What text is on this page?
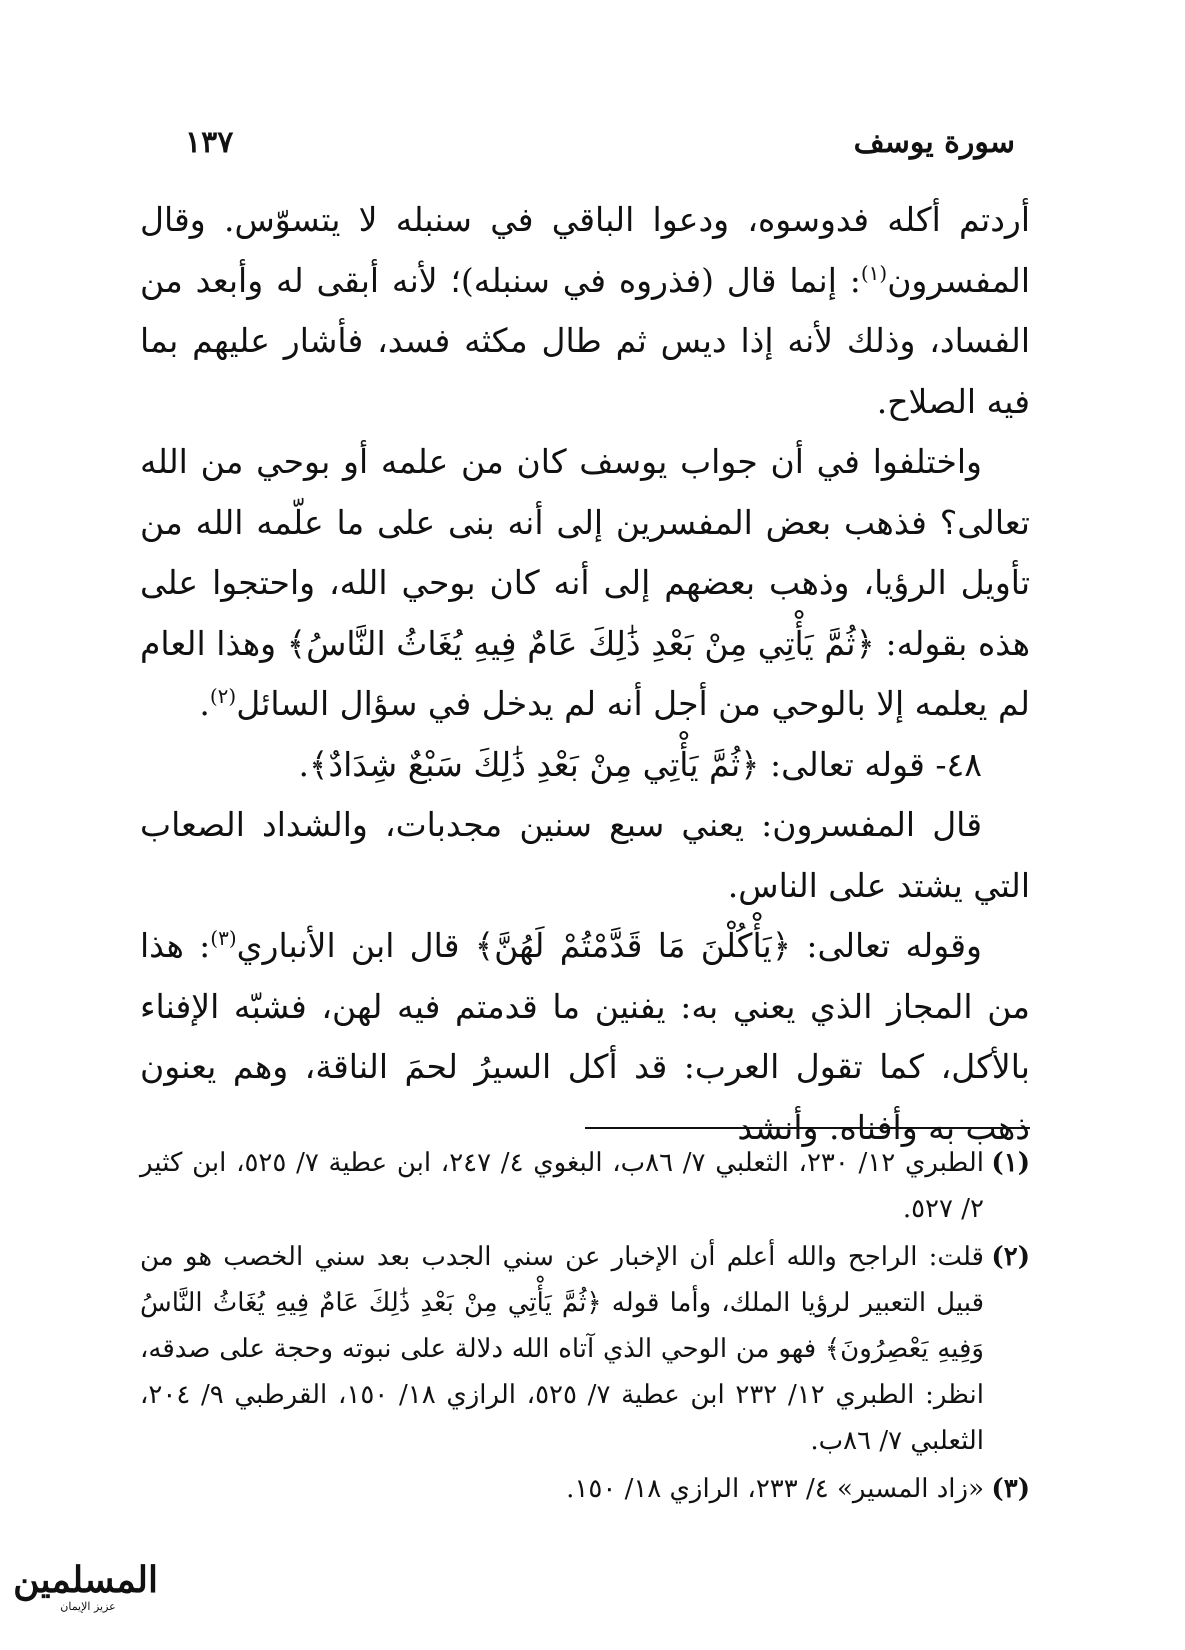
سورة يوسف
١٣٧

أردتم أكله فدوسوه، ودعوا الباقي في سنبله لا يتسوّس. وقال المفسرون$^{(١)}$: إنما قال (فذروه في سنبله)؛ لأنه أبقى له وأبعد من الفساد، وذلك لأنه إذا ديس ثم طال مكثه فسد، فأشار عليهم بما فيه الصلاح.

واختلفوا في أن جواب يوسف كان من علمه أو بوحي من الله تعالى؟ فذهب بعض المفسرين إلى أنه بنى على ما علّمه الله من تأويل الرؤيا، وذهب بعضهم إلى أنه كان بوحي الله، واحتجوا على هذه بقوله: ﴿ثُمَّ يَأْتِي مِنْ بَعْدِ ذَٰلِكَ عَامٌ فِيهِ يُغَاثُ النَّاسُ﴾ وهذا العام لم يعلمه إلا بالوحي من أجل أنه لم يدخل في سؤال السائل$^{(٢)}$.

٤٨- قوله تعالى: ﴿ثُمَّ يَأْتِي مِنْ بَعْدِ ذَٰلِكَ سَبْعٌ شِدَادٌ﴾.

قال المفسرون: يعني سبع سنين مجدبات، والشداد الصعاب التي يشتد على الناس.

وقوله تعالى: ﴿يَأْكُلْنَ مَا قَدَّمْتُمْ لَهُنَّ﴾ قال ابن الأنباري$^{(٣)}$: هذا من المجاز الذي يعني به: يفنين ما قدمتم فيه لهن، فشبّه الإفناء بالأكل، كما تقول العرب: قد أكل السيرُ لحمَ الناقة، وهم يعنون ذهب به وأفناه. وأنشد

(١)
الطبري ١٢/ ٢٣٠، الثعلبي ٧/ ٨٦ب، البغوي ٤/ ٢٤٧، ابن عطية ٧/ ٥٢٥، ابن كثير ٢/ ٥٢٧.
(٢)
قلت: الراجح والله أعلم أن الإخبار عن سني الجدب بعد سني الخصب هو من قبيل التعبير لرؤيا الملك، وأما قوله ﴿ثُمَّ يَأْتِي مِنْ بَعْدِ ذَٰلِكَ عَامٌ فِيهِ يُغَاثُ النَّاسُ وَفِيهِ يَعْصِرُونَ﴾ فهو من الوحي الذي آتاه الله دلالة على نبوته وحجة على صدقه، انظر: الطبري ١٢/ ٢٣٢ ابن عطية ٧/ ٥٢٥، الرازي ١٨/ ١٥٠، القرطبي ٩/ ٢٠٤، الثعلبي ٧/ ٨٦ب.
(٣)
«زاد المسير» ٤/ ٢٣٣، الرازي ١٨/ ١٥٠.
المسلمين
عزيز الإيمان
